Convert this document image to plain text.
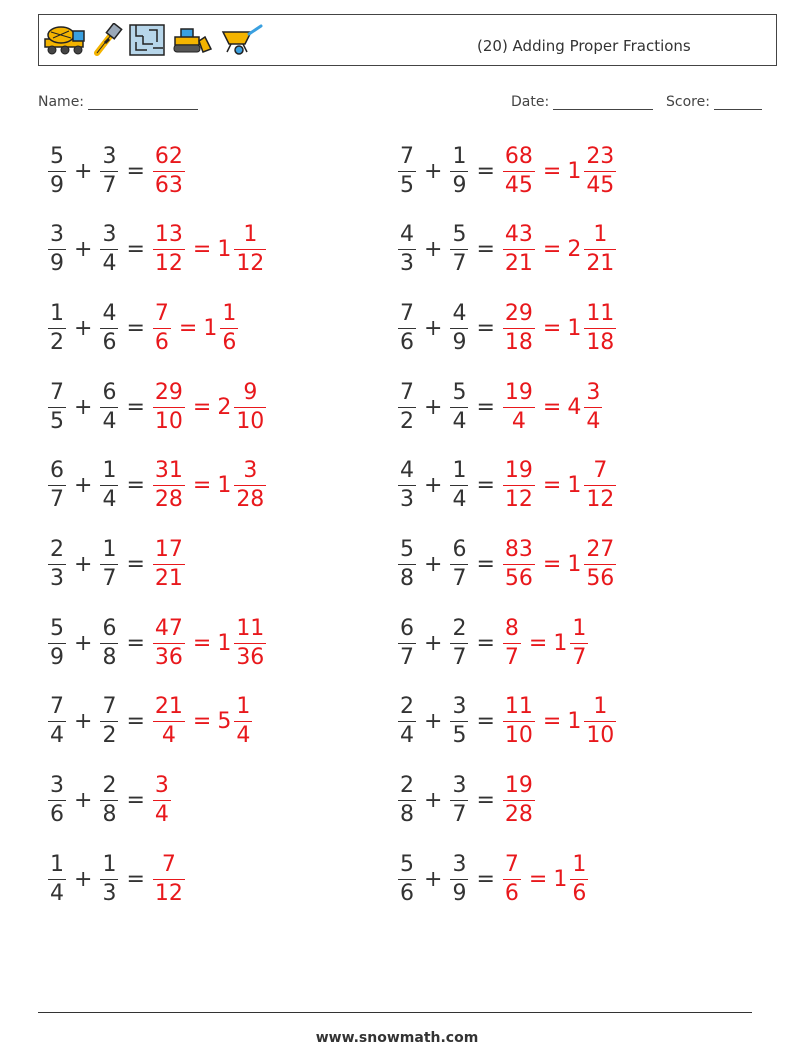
(20) Adding Proper Fractions
Name:	Date:	Score:
$\frac{5}{9} + \frac{3}{7} = \frac{62}{63}$	$\frac{7}{5} + \frac{1}{9} = \frac{68}{45} = 1 \frac{23}{45}$
$\frac{3}{9} + \frac{3}{4} = \frac{13}{12} = 1 \frac{1}{12}$	$\frac{4}{3} + \frac{5}{7} = \frac{43}{21} = 2 \frac{1}{21}$
$\frac{1}{2} + \frac{4}{6} = \frac{7}{6} = 1 \frac{1}{6}$	$\frac{7}{6} + \frac{4}{9} = \frac{29}{18} = 1 \frac{11}{18}$
$\frac{7}{5} + \frac{6}{4} = \frac{29}{10} = 2 \frac{9}{10}$	$\frac{7}{2} + \frac{5}{4} = \frac{19}{4} = 4 \frac{3}{4}$
$\frac{6}{7} + \frac{1}{4} = \frac{31}{28} = 1 \frac{3}{28}$	$\frac{4}{3} + \frac{1}{4} = \frac{19}{12} = 1 \frac{7}{12}$
$\frac{2}{3} + \frac{1}{7} = \frac{17}{21}$	$\frac{5}{8} + \frac{6}{7} = \frac{83}{56} = 1 \frac{27}{56}$
$\frac{5}{9} + \frac{6}{8} = \frac{47}{36} = 1 \frac{11}{36}$	$\frac{6}{7} + \frac{2}{7} = \frac{8}{7} = 1 \frac{1}{7}$
$\frac{7}{4} + \frac{7}{2} = \frac{21}{4} = 5 \frac{1}{4}$	$\frac{2}{4} + \frac{3}{5} = \frac{11}{10} = 1 \frac{1}{10}$
$\frac{3}{6} + \frac{2}{8} = \frac{3}{4}$	$\frac{2}{8} + \frac{3}{7} = \frac{19}{28}$
$\frac{1}{4} + \frac{1}{3} = \frac{7}{12}$	$\frac{5}{6} + \frac{3}{9} = \frac{7}{6} = 1 \frac{1}{6}$
www.snowmath.com
